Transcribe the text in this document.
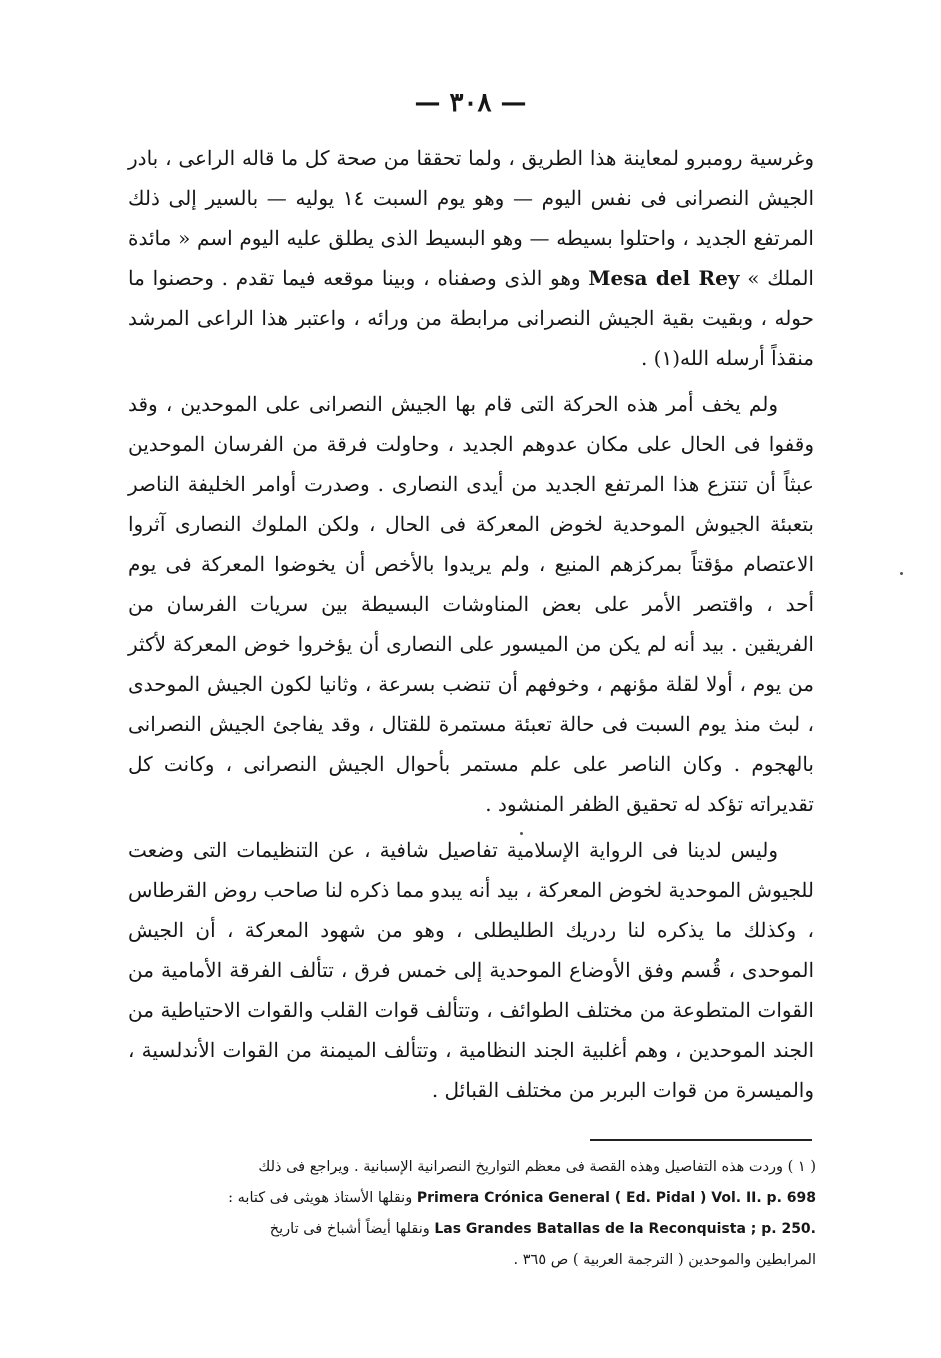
— ٣٠٨ —

وغرسية رومبرو لمعاينة هذا الطريق ، ولما تحققا من صحة كل ما قاله الراعى ، بادر الجيش النصرانى فى نفس اليوم — وهو يوم السبت ١٤ يوليه — بالسير إلى ذلك المرتفع الجديد ، واحتلوا بسيطه — وهو البسيط الذى يطلق عليه اليوم اسم « مائدة الملك » Mesa del Rey وهو الذى وصفناه ، وبينا موقعه فيما تقدم . وحصنوا ما حوله ، وبقيت بقية الجيش النصرانى مرابطة من ورائه ، واعتبر هذا الراعى المرشد منقذاً أرسله الله(١) .

ولم يخف أمر هذه الحركة التى قام بها الجيش النصرانى على الموحدين ، وقد وقفوا فى الحال على مكان عدوهم الجديد ، وحاولت فرقة من الفرسان الموحدين عبثاً أن تنتزع هذا المرتفع الجديد من أيدى النصارى . وصدرت أوامر الخليفة الناصر بتعبئة الجيوش الموحدية لخوض المعركة فى الحال ، ولكن الملوك النصارى آثروا الاعتصام مؤقتاً بمركزهم المنيع ، ولم يريدوا بالأخص أن يخوضوا المعركة فى يوم أحد ، واقتصر الأمر على بعض المناوشات البسيطة بين سريات الفرسان من الفريقين . بيد أنه لم يكن من الميسور على النصارى أن يؤخروا خوض المعركة لأكثر من يوم ، أولا لقلة مؤنهم ، وخوفهم أن تنضب بسرعة ، وثانيا لكون الجيش الموحدى ، لبث منذ يوم السبت فى حالة تعبئة مستمرة للقتال ، وقد يفاجئ الجيش النصرانى بالهجوم . وكان الناصر على علم مستمر بأحوال الجيش النصرانى ، وكانت كل تقديراته تؤكد له تحقيق الظفر المنشود .

وليس لدينا فى الرواية الإسلامية تفاصيل شافية ، عن التنظيمات التى وضعت للجيوش الموحدية لخوض المعركة ، بيد أنه يبدو مما ذكره لنا صاحب روض القرطاس ، وكذلك ما يذكره لنا ردريك الطليطلى ، وهو من شهود المعركة ، أن الجيش الموحدى ، قُسم وفق الأوضاع الموحدية إلى خمس فرق ، تتألف الفرقة الأمامية من القوات المتطوعة من مختلف الطوائف ، وتتألف قوات القلب والقوات الاحتياطية من الجند الموحدين ، وهم أغلبية الجند النظامية ، وتتألف الميمنة من القوات الأندلسية ، والميسرة من قوات البربر من مختلف القبائل .

( ١ ) وردت هذه التفاصيل وهذه القصة فى معظم التواريخ النصرانية الإسبانية . ويراجع فى ذلك

Primera Crónica General ( Ed. Pidal ) Vol. II. p. 698 ونقلها الأستاذ هويثى فى كتابه :

Las Grandes Batallas de la Reconquista ; p. 250. ونقلها أيضاً أشباخ فى تاريخ

المرابطين والموحدين ( الترجمة العربية ) ص ٣٦٥ .
